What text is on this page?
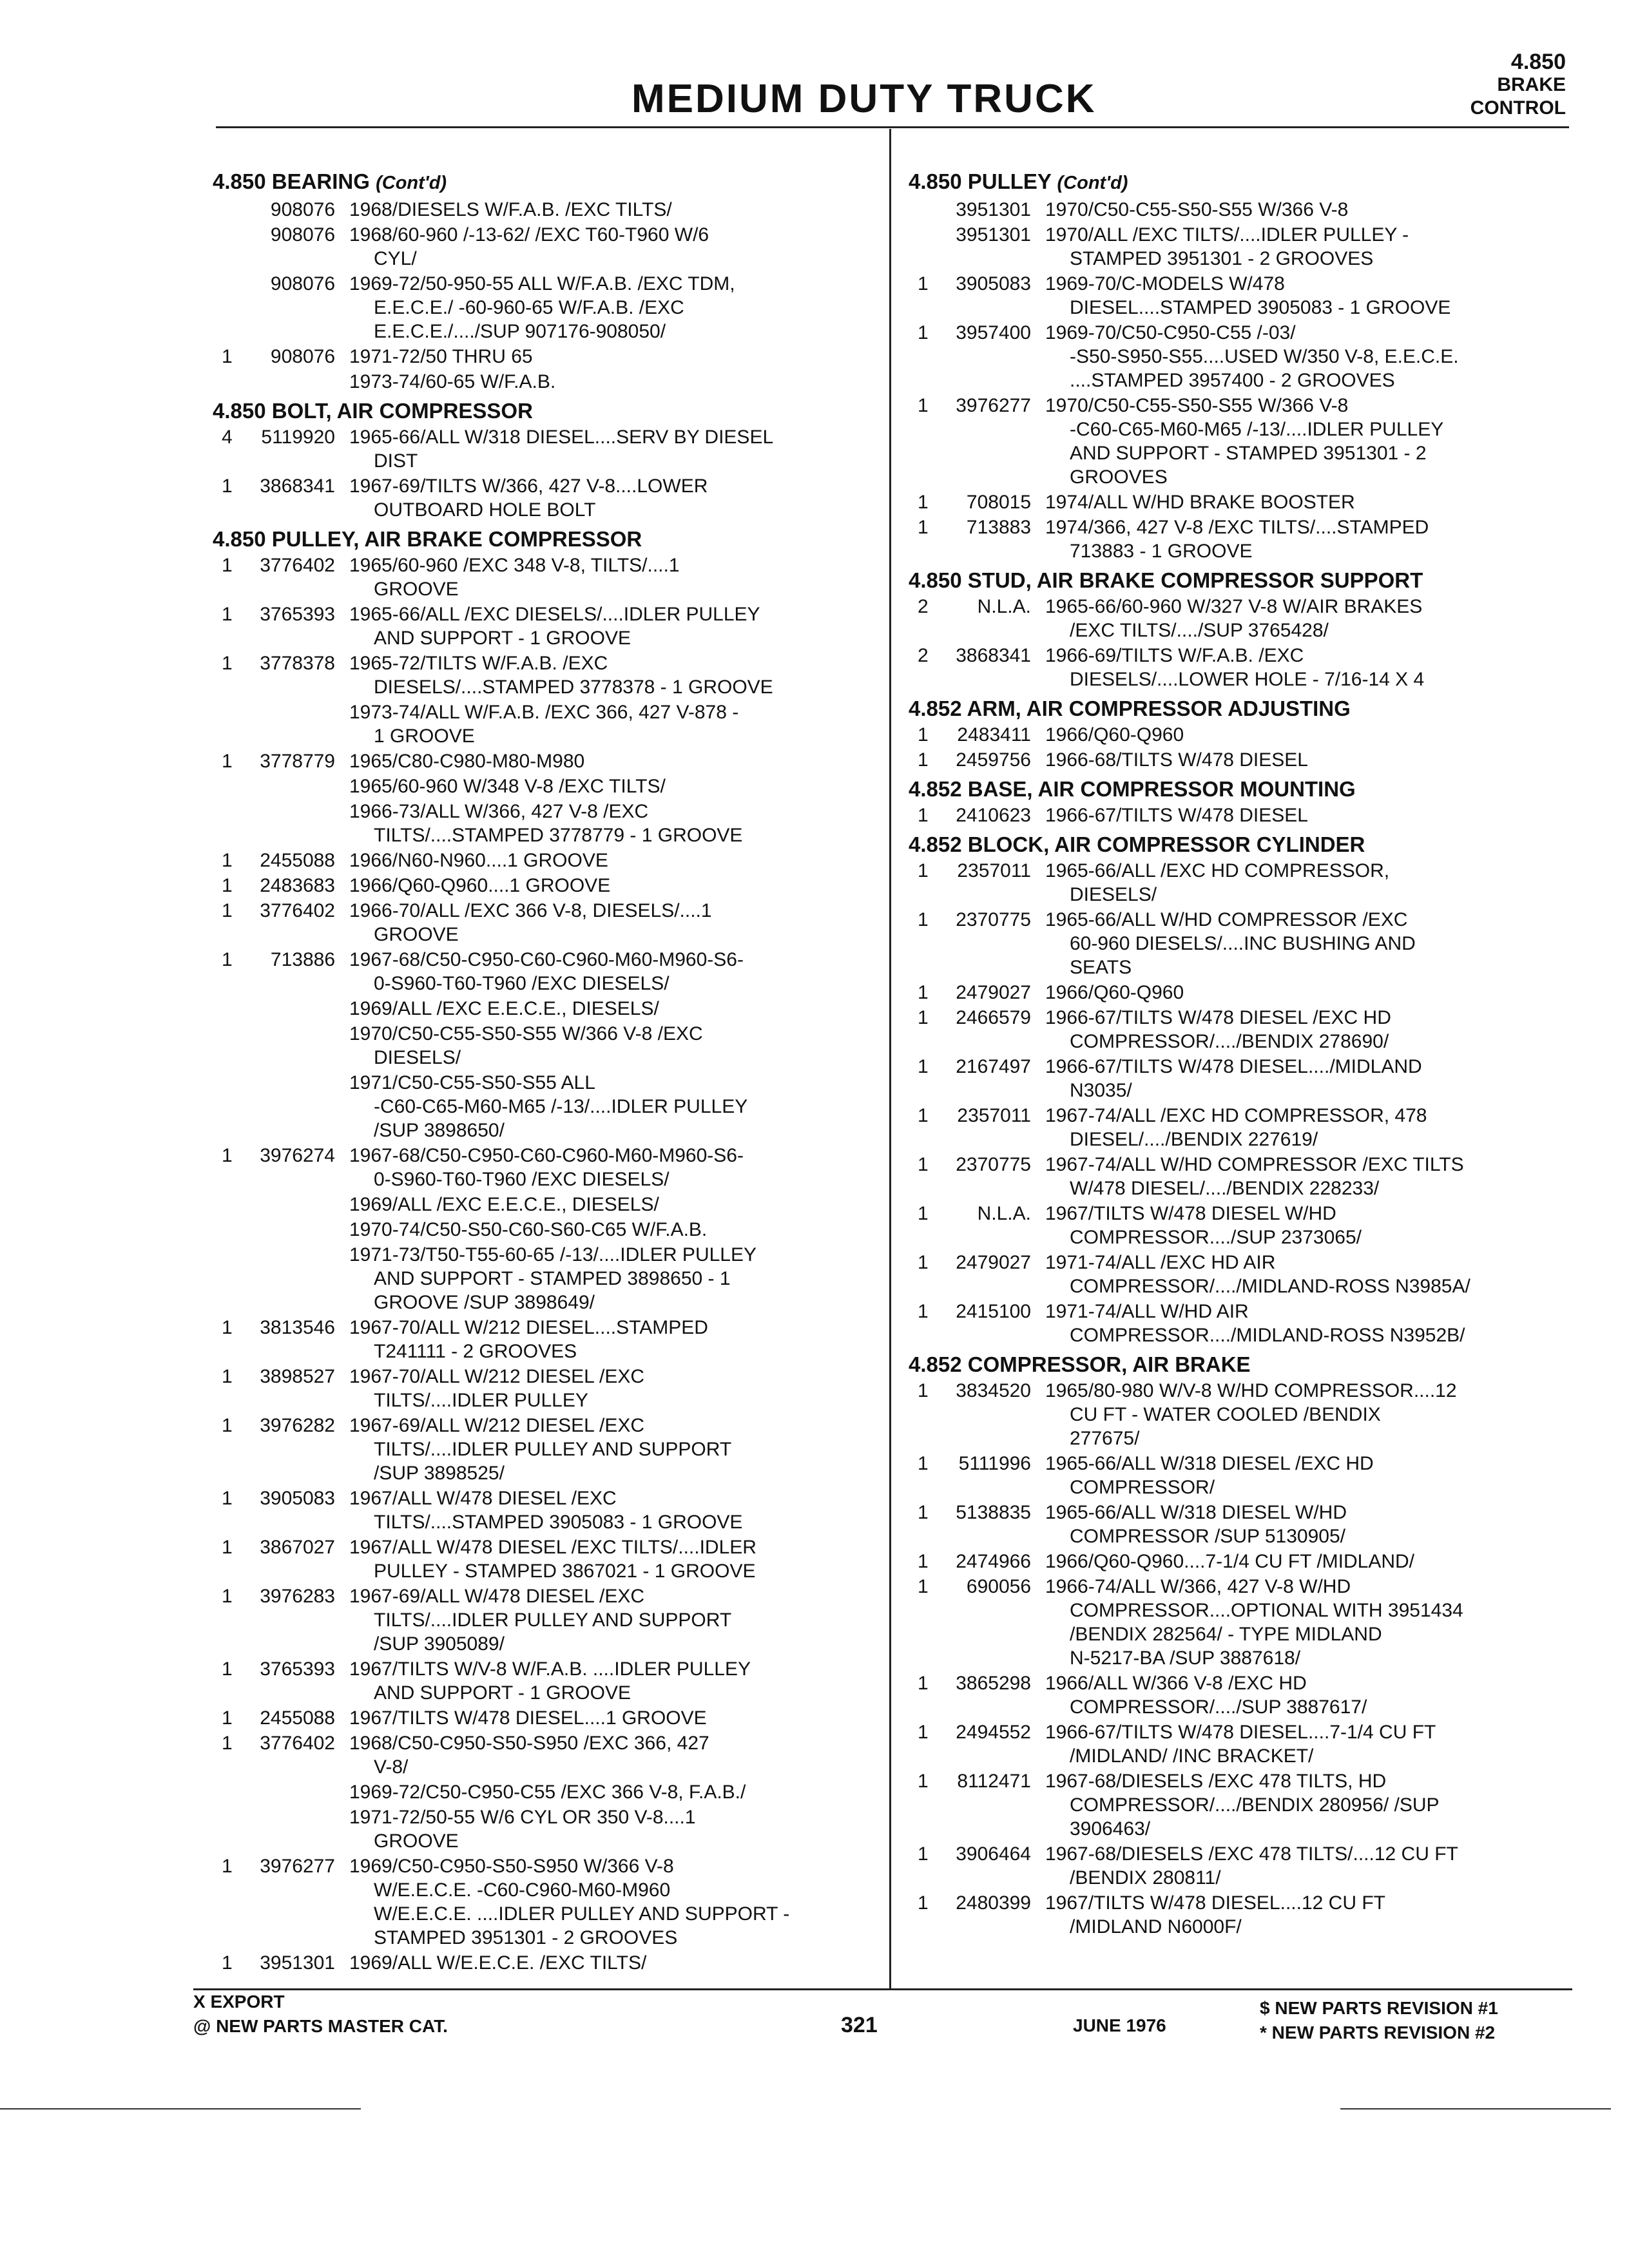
MEDIUM DUTY TRUCK
4.850
BRAKE
CONTROL
4.850 BEARING (Cont'd)
908076 1968/DIESELS W/F.A.B. /EXC TILTS/
908076 1968/60-960 /-13-62/ /EXC T60-T960 W/6
CYL/
908076 1969-72/50-950-55 ALL W/F.A.B. /EXC TDM,
E.E.C.E./ -60-960-65 W/F.A.B. /EXC
E.E.C.E./..../SUP 907176-908050/
1	908076 1971-72/50 THRU 65
1973-74/60-65 W/F.A.B.
4.850 BOLT, AIR COMPRESSOR
4	5119920 1965-66/ALL W/318 DIESEL....SERV BY DIESEL
DIST
1	3868341 1967-69/TILTS W/366, 427 V-8....LOWER
OUTBOARD HOLE BOLT
4.850 PULLEY, AIR BRAKE COMPRESSOR
1	3776402 1965/60-960 /EXC 348 V-8, TILTS/....1
GROOVE
1	3765393 1965-66/ALL /EXC DIESELS/....IDLER PULLEY
AND SUPPORT - 1 GROOVE
1	3778378 1965-72/TILTS W/F.A.B. /EXC
DIESELS/....STAMPED 3778378 - 1 GROOVE
1973-74/ALL W/F.A.B. /EXC 366, 427 V-878 -
1 GROOVE
1	3778779 1965/C80-C980-M80-M980
1965/60-960 W/348 V-8 /EXC TILTS/
1966-73/ALL W/366, 427 V-8 /EXC
TILTS/....STAMPED 3778779 - 1 GROOVE
1	2455088 1966/N60-N960....1 GROOVE
1	2483683 1966/Q60-Q960....1 GROOVE
1	3776402 1966-70/ALL /EXC 366 V-8, DIESELS/....1
GROOVE
1	713886 1967-68/C50-C950-C60-C960-M60-M960-S6-
0-S960-T60-T960 /EXC DIESELS/
1969/ALL /EXC E.E.C.E., DIESELS/
1970/C50-C55-S50-S55 W/366 V-8 /EXC
DIESELS/
1971/C50-C55-S50-S55 ALL
-C60-C65-M60-M65 /-13/....IDLER PULLEY
/SUP 3898650/
1	3976274 1967-68/C50-C950-C60-C960-M60-M960-S6-
0-S960-T60-T960 /EXC DIESELS/
1969/ALL /EXC E.E.C.E., DIESELS/
1970-74/C50-S50-C60-S60-C65 W/F.A.B.
1971-73/T50-T55-60-65 /-13/....IDLER PULLEY
AND SUPPORT - STAMPED 3898650 - 1
GROOVE /SUP 3898649/
1	3813546 1967-70/ALL W/212 DIESEL....STAMPED
T241111 - 2 GROOVES
1	3898527 1967-70/ALL W/212 DIESEL /EXC
TILTS/....IDLER PULLEY
1	3976282 1967-69/ALL W/212 DIESEL /EXC
TILTS/....IDLER PULLEY AND SUPPORT
/SUP 3898525/
1	3905083 1967/ALL W/478 DIESEL /EXC
TILTS/....STAMPED 3905083 - 1 GROOVE
1	3867027 1967/ALL W/478 DIESEL /EXC TILTS/....IDLER
PULLEY - STAMPED 3867021 - 1 GROOVE
1	3976283 1967-69/ALL W/478 DIESEL /EXC
TILTS/....IDLER PULLEY AND SUPPORT
/SUP 3905089/
1	3765393 1967/TILTS W/V-8 W/F.A.B. ....IDLER PULLEY
AND SUPPORT - 1 GROOVE
1	2455088 1967/TILTS W/478 DIESEL....1 GROOVE
1	3776402 1968/C50-C950-S50-S950 /EXC 366, 427
V-8/
1969-72/C50-C950-C55 /EXC 366 V-8, F.A.B./
1971-72/50-55 W/6 CYL OR 350 V-8....1
GROOVE
1	3976277 1969/C50-C950-S50-S950 W/366 V-8
W/E.E.C.E. -C60-C960-M60-M960
W/E.E.C.E. ....IDLER PULLEY AND SUPPORT -
STAMPED 3951301 - 2 GROOVES
1	3951301 1969/ALL W/E.E.C.E. /EXC TILTS/
4.850 PULLEY (Cont'd)
3951301 1970/C50-C55-S50-S55 W/366 V-8
3951301 1970/ALL /EXC TILTS/....IDLER PULLEY -
STAMPED 3951301 - 2 GROOVES
1	3905083 1969-70/C-MODELS W/478
DIESEL....STAMPED 3905083 - 1 GROOVE
1	3957400 1969-70/C50-C950-C55 /-03/
-S50-S950-S55....USED W/350 V-8, E.E.C.E.
....STAMPED 3957400 - 2 GROOVES
1	3976277 1970/C50-C55-S50-S55 W/366 V-8
-C60-C65-M60-M65 /-13/....IDLER PULLEY
AND SUPPORT - STAMPED 3951301 - 2
GROOVES
1	708015 1974/ALL W/HD BRAKE BOOSTER
1	713883 1974/366, 427 V-8 /EXC TILTS/....STAMPED
713883 - 1 GROOVE
4.850 STUD, AIR BRAKE COMPRESSOR SUPPORT
2	N.L.A. 1965-66/60-960 W/327 V-8 W/AIR BRAKES
/EXC TILTS/..../SUP 3765428/
2	3868341 1966-69/TILTS W/F.A.B. /EXC
DIESELS/....LOWER HOLE - 7/16-14 X 4
4.852 ARM, AIR COMPRESSOR ADJUSTING
1	2483411 1966/Q60-Q960
1	2459756 1966-68/TILTS W/478 DIESEL
4.852 BASE, AIR COMPRESSOR MOUNTING
1	2410623 1966-67/TILTS W/478 DIESEL
4.852 BLOCK, AIR COMPRESSOR CYLINDER
1	2357011 1965-66/ALL /EXC HD COMPRESSOR,
DIESELS/
1	2370775 1965-66/ALL W/HD COMPRESSOR /EXC
60-960 DIESELS/....INC BUSHING AND
SEATS
1	2479027 1966/Q60-Q960
1	2466579 1966-67/TILTS W/478 DIESEL /EXC HD
COMPRESSOR/..../BENDIX 278690/
1	2167497 1966-67/TILTS W/478 DIESEL..../MIDLAND
N3035/
1	2357011 1967-74/ALL /EXC HD COMPRESSOR, 478
DIESEL/..../BENDIX 227619/
1	2370775 1967-74/ALL W/HD COMPRESSOR /EXC TILTS
W/478 DIESEL/..../BENDIX 228233/
1	N.L.A. 1967/TILTS W/478 DIESEL W/HD
COMPRESSOR..../SUP 2373065/
1	2479027 1971-74/ALL /EXC HD AIR
COMPRESSOR/..../MIDLAND-ROSS N3985A/
1	2415100 1971-74/ALL W/HD AIR
COMPRESSOR..../MIDLAND-ROSS N3952B/
4.852 COMPRESSOR, AIR BRAKE
1	3834520 1965/80-980 W/V-8 W/HD COMPRESSOR....12
CU FT - WATER COOLED /BENDIX
277675/
1	5111996 1965-66/ALL W/318 DIESEL /EXC HD
COMPRESSOR/
1	5138835 1965-66/ALL W/318 DIESEL W/HD
COMPRESSOR /SUP 5130905/
1	2474966 1966/Q60-Q960....7-1/4 CU FT /MIDLAND/
1	690056 1966-74/ALL W/366, 427 V-8 W/HD
COMPRESSOR....OPTIONAL WITH 3951434
/BENDIX 282564/ - TYPE MIDLAND
N-5217-BA /SUP 3887618/
1	3865298 1966/ALL W/366 V-8 /EXC HD
COMPRESSOR/..../SUP 3887617/
1	2494552 1966-67/TILTS W/478 DIESEL....7-1/4 CU FT
/MIDLAND/ /INC BRACKET/
1	8112471 1967-68/DIESELS /EXC 478 TILTS, HD
COMPRESSOR/..../BENDIX 280956/ /SUP
3906463/
1	3906464 1967-68/DIESELS /EXC 478 TILTS/....12 CU FT
/BENDIX 280811/
1	2480399 1967/TILTS W/478 DIESEL....12 CU FT
/MIDLAND N6000F/
X EXPORT
@ NEW PARTS MASTER CAT.	321	JUNE 1976
$ NEW PARTS REVISION #1
* NEW PARTS REVISION #2
